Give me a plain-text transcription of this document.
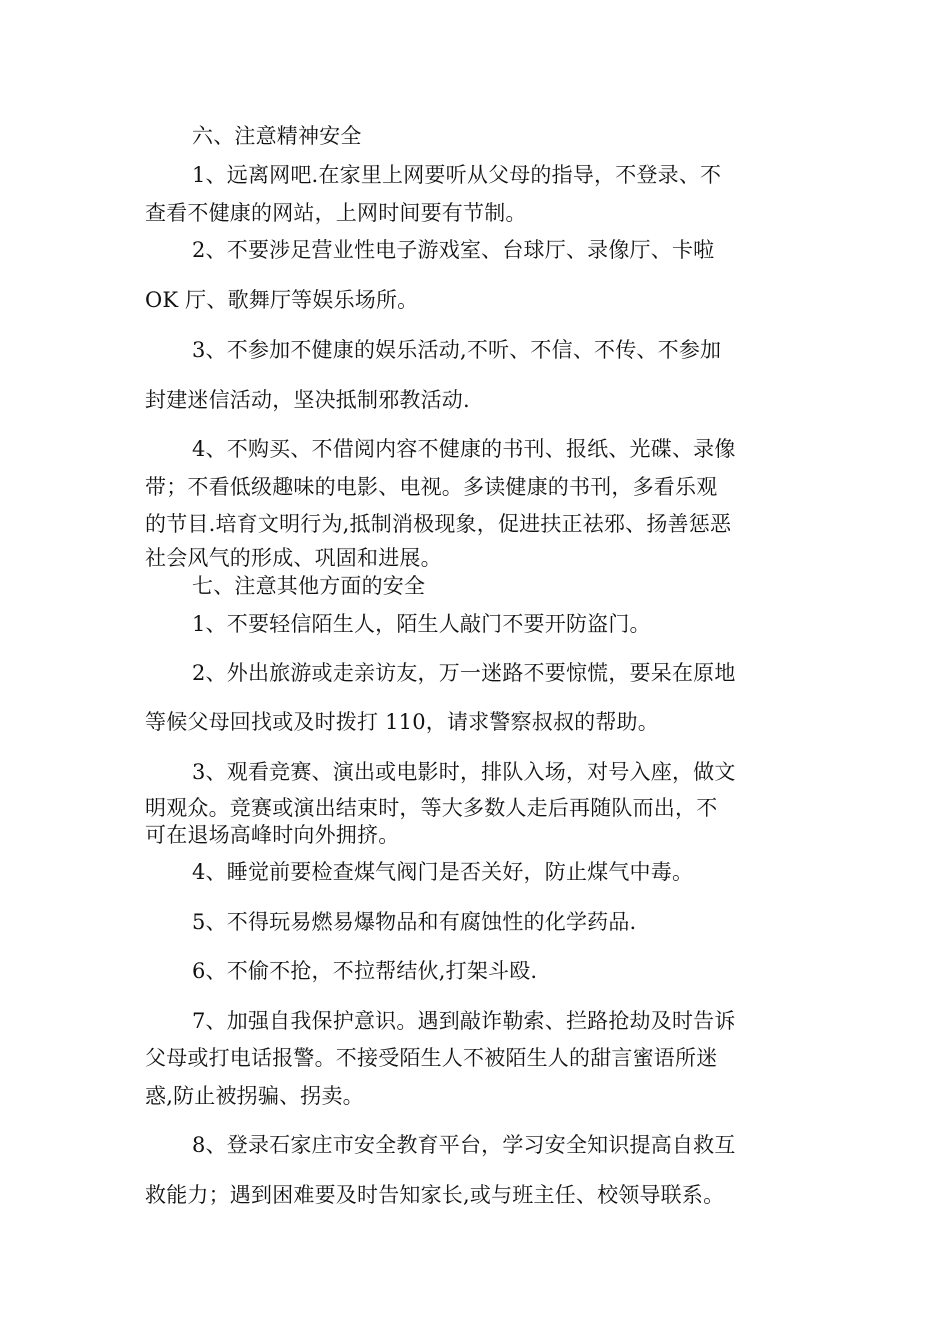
六、注意精神安全
1、远离网吧.在家里上网要听从父母的指导，不登录、不
查看不健康的网站，上网时间要有节制。
2、不要涉足营业性电子游戏室、台球厅、录像厅、卡啦
OK 厅、歌舞厅等娱乐场所。
3、不参加不健康的娱乐活动,不听、不信、不传、不参加
封建迷信活动，坚决抵制邪教活动.
4、不购买、不借阅内容不健康的书刊、报纸、光碟、录像
带；不看低级趣味的电影、电视。多读健康的书刊，多看乐观
的节目.培育文明行为,抵制消极现象，促进扶正祛邪、扬善惩恶
社会风气的形成、巩固和进展。
七、注意其他方面的安全
1、不要轻信陌生人，陌生人敲门不要开防盗门。
2、外出旅游或走亲访友，万一迷路不要惊慌，要呆在原地
等候父母回找或及时拨打 110，请求警察叔叔的帮助。
3、观看竞赛、演出或电影时，排队入场，对号入座，做文
明观众。竞赛或演出结束时，等大多数人走后再随队而出，不
可在退场高峰时向外拥挤。
4、睡觉前要检查煤气阀门是否关好，防止煤气中毒。
5、不得玩易燃易爆物品和有腐蚀性的化学药品.
6、不偷不抢，不拉帮结伙,打架斗殴.
7、加强自我保护意识。遇到敲诈勒索、拦路抢劫及时告诉
父母或打电话报警。不接受陌生人不被陌生人的甜言蜜语所迷
惑,防止被拐骗、拐卖。
8、登录石家庄市安全教育平台，学习安全知识提高自救互
救能力；遇到困难要及时告知家长,或与班主任、校领导联系。
